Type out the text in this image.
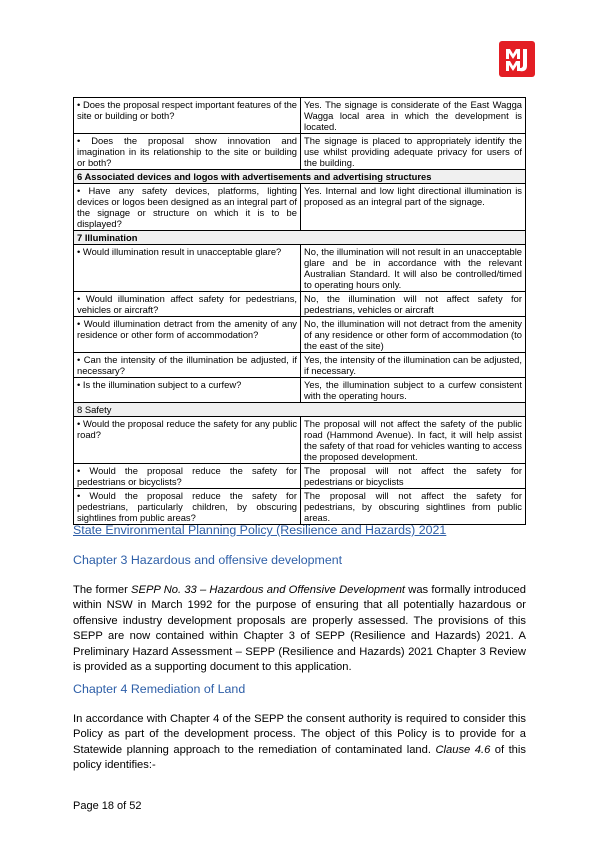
• Does the proposal respect important features of the site or building or both?	Yes. The signage is considerate of the East Wagga Wagga local area in which the development is located.
• Does the proposal show innovation and imagination in its relationship to the site or building or both?	The signage is placed to appropriately identify the use whilst providing adequate privacy for users of the building.
6 Associated devices and logos with advertisements and advertising structures	
• Have any safety devices, platforms, lighting devices or logos been designed as an integral part of the signage or structure on which it is to be displayed?	Yes. Internal and low light directional illumination is proposed as an integral part of the signage.
7 Illumination	
• Would illumination result in unacceptable glare?	No, the illumination will not result in an unacceptable glare and be in accordance with the relevant Australian Standard. It will also be controlled/timed to operating hours only.
• Would illumination affect safety for pedestrians, vehicles or aircraft?	No, the illumination will not affect safety for pedestrians, vehicles or aircraft
• Would illumination detract from the amenity of any residence or other form of accommodation?	No, the illumination will not detract from the amenity of any residence or other form of accommodation (to the east of the site)
• Can the intensity of the illumination be adjusted, if necessary?	Yes, the intensity of the illumination can be adjusted, if necessary.
• Is the illumination subject to a curfew?	Yes, the illumination subject to a curfew consistent with the operating hours.
8 Safety	
• Would the proposal reduce the safety for any public road?	The proposal will not affect the safety of the public road (Hammond Avenue). In fact, it will help assist the safety of that road for vehicles wanting to access the proposed development.
• Would the proposal reduce the safety for pedestrians or bicyclists?	The proposal will not affect the safety for pedestrians or bicyclists
• Would the proposal reduce the safety for pedestrians, particularly children, by obscuring sightlines from public areas?	The proposal will not affect the safety for pedestrians, by obscuring sightlines from public areas.
State Environmental Planning Policy (Resilience and Hazards) 2021
Chapter 3 Hazardous and offensive development
The former SEPP No. 33 – Hazardous and Offensive Development was formally introduced within NSW in March 1992 for the purpose of ensuring that all potentially hazardous or offensive industry development proposals are properly assessed. The provisions of this SEPP are now contained within Chapter 3 of SEPP (Resilience and Hazards) 2021. A Preliminary Hazard Assessment – SEPP (Resilience and Hazards) 2021 Chapter 3 Review is provided as a supporting document to this application.
Chapter 4 Remediation of Land
In accordance with Chapter 4 of the SEPP the consent authority is required to consider this Policy as part of the development process. The object of this Policy is to provide for a Statewide planning approach to the remediation of contaminated land. Clause 4.6 of this policy identifies:-
Page 18 of 52
